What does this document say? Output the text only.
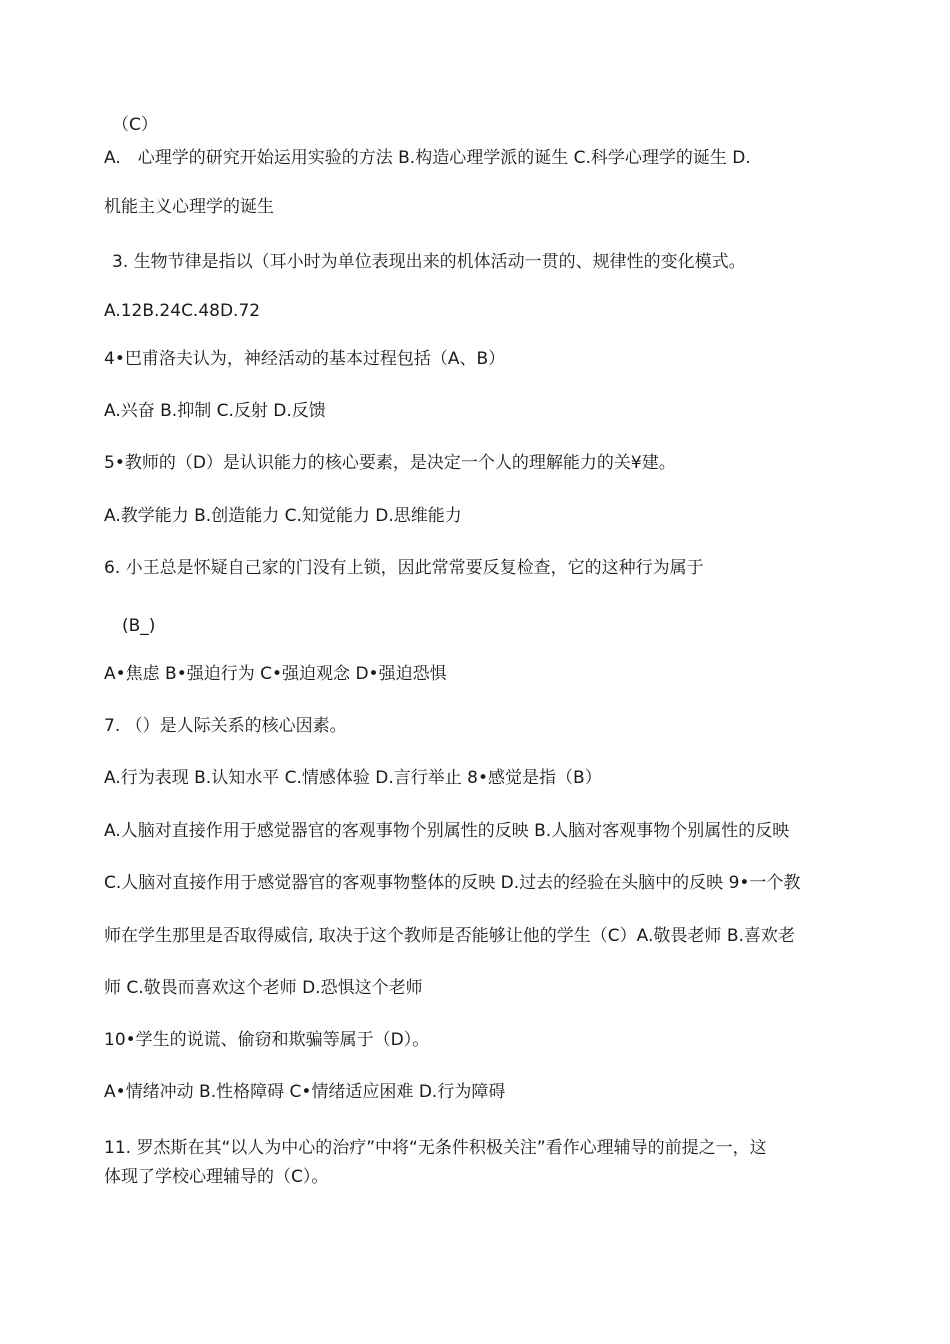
（C）
A.　心理学的研究开始运用实验的方法 B.构造心理学派的诞生 C.科学心理学的诞生 D.
机能主义心理学的诞生
3. 生物节律是指以（耳小时为单位表现出来的机体活动一贯的、规律性的变化模式。
A.12B.24C.48D.72
4•巴甫洛夫认为，神经活动的基本过程包括（A、B）
A.兴奋 B.抑制 C.反射 D.反馈
5•教师的（D）是认识能力的核心要素，是决定一个人的理解能力的关¥建。
A.教学能力 B.创造能力 C.知觉能力 D.思维能力
6. 小王总是怀疑自己家的门没有上锁，因此常常要反复检查，它的这种行为属于
(B_)
A•焦虑 B•强迫行为 C•强迫观念 D•强迫恐惧
7. （）是人际关系的核心因素。
A.行为表现 B.认知水平 C.情感体验 D.言行举止 8•感觉是指（B）
A.人脑对直接作用于感觉器官的客观事物个别属性的反映 B.人脑对客观事物个别属性的反映
C.人脑对直接作用于感觉器官的客观事物整体的反映 D.过去的经验在头脑中的反映 9•一个教
师在学生那里是否取得威信, 取决于这个教师是否能够让他的学生（C）A.敬畏老师 B.喜欢老
师 C.敬畏而喜欢这个老师 D.恐惧这个老师
10•学生的说谎、偷窃和欺骗等属于（D）。
A•情绪冲动 B.性格障碍 C•情绪适应困难 D.行为障碍
11. 罗杰斯在其“以人为中心的治疗”中将“无条件积极关注”看作心理辅导的前提之一，这
体现了学校心理辅导的（C）。
